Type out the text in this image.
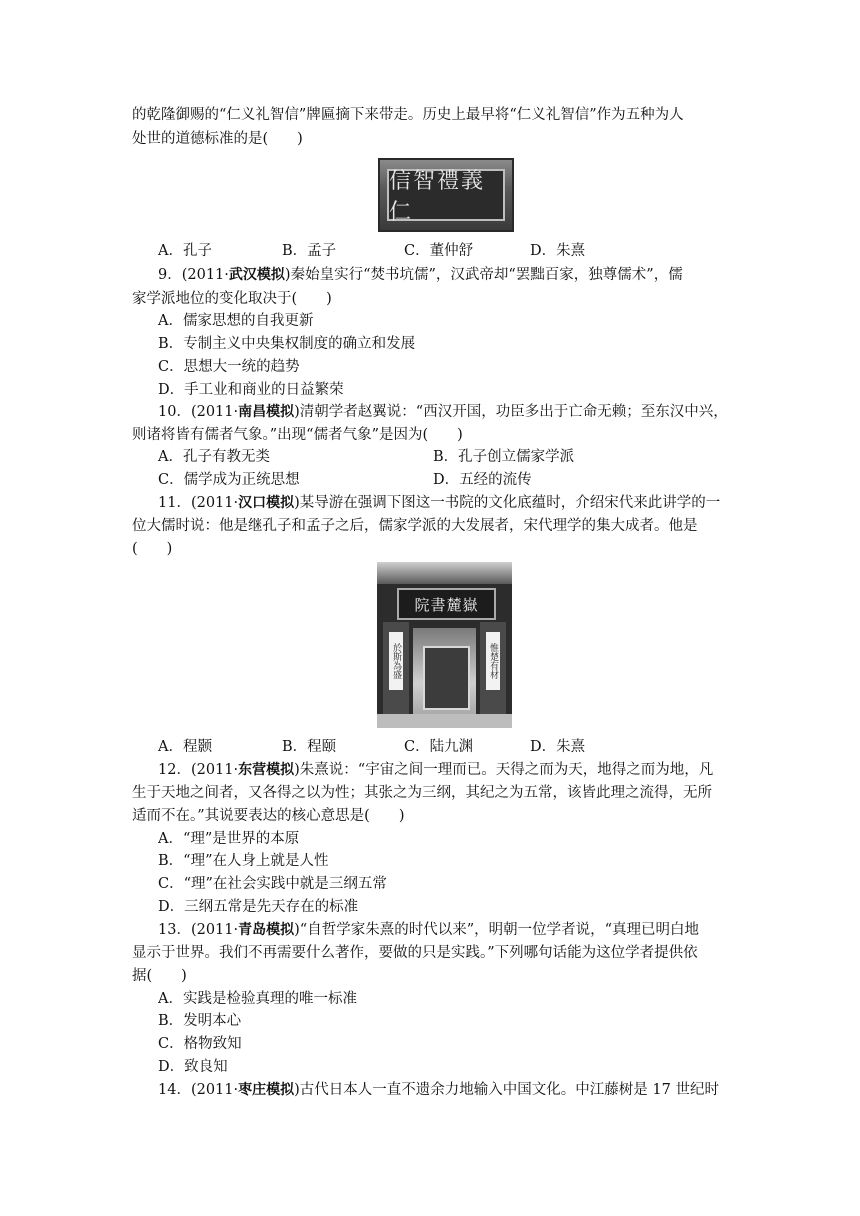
的乾隆御赐的“仁义礼智信”牌匾摘下来带走。历史上最早将“仁义礼智信”作为五种为人
处世的道德标准的是(　　)
信智禮義仁
A．孔子	B．孟子	C．董仲舒	D．朱熹
9．(2011·武汉模拟)秦始皇实行“焚书坑儒”，汉武帝却“罢黜百家，独尊儒术”，儒
家学派地位的变化取决于(　　)
A．儒家思想的自我更新
B．专制主义中央集权制度的确立和发展
C．思想大一统的趋势
D．手工业和商业的日益繁荣
10．(2011·南昌模拟)清朝学者赵翼说：“西汉开国，功臣多出于亡命无赖；至东汉中兴，
则诸将皆有儒者气象。”出现“儒者气象”是因为(　　)
A．孔子有教无类	B．孔子创立儒家学派
C．儒学成为正统思想	D．五经的流传
11．(2011·汉口模拟)某导游在强调下图这一书院的文化底蕴时，介绍宋代来此讲学的一
位大儒时说：他是继孔子和孟子之后，儒家学派的大发展者，宋代理学的集大成者。他是
(　　)
院書麓嶽
於斯為盛	惟楚有材
A．程颢	B．程颐	C．陆九渊	D．朱熹
12．(2011·东营模拟)朱熹说：“宇宙之间一理而已。天得之而为天，地得之而为地，凡
生于天地之间者，又各得之以为性；其张之为三纲，其纪之为五常，该皆此理之流得，无所
适而不在。”其说要表达的核心意思是(　　)
A．“理”是世界的本原
B．“理”在人身上就是人性
C．“理”在社会实践中就是三纲五常
D．三纲五常是先天存在的标准
13．(2011·青岛模拟)“自哲学家朱熹的时代以来”，明朝一位学者说，“真理已明白地
显示于世界。我们不再需要什么著作，要做的只是实践。”下列哪句话能为这位学者提供依
据(　　)
A．实践是检验真理的唯一标准
B．发明本心
C．格物致知
D．致良知
14．(2011·枣庄模拟)古代日本人一直不遗余力地输入中国文化。中江藤树是 17 世纪时
